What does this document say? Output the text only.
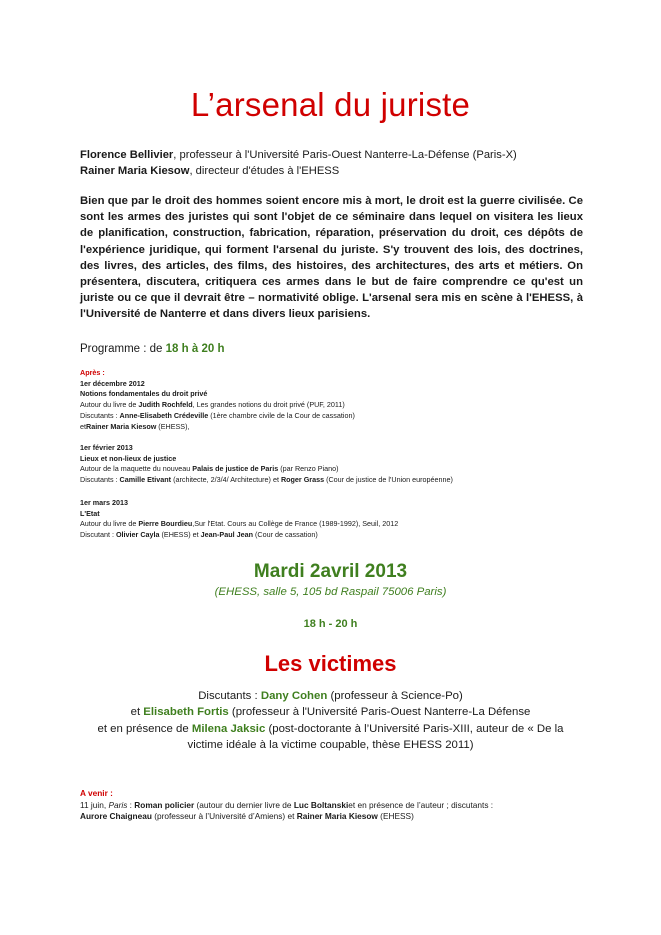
L’arsenal du juriste
Florence Bellivier, professeur à l'Université Paris-Ouest Nanterre-La-Défense (Paris-X)
Rainer Maria Kiesow, directeur d'études à l'EHESS
Bien que par le droit des hommes soient encore mis à mort, le droit est la guerre civilisée. Ce sont les armes des juristes qui sont l'objet de ce séminaire dans lequel on visitera les lieux de planification, construction, fabrication, réparation, préservation du droit, ces dépôts de l'expérience juridique, qui forment l'arsenal du juriste. S'y trouvent des lois, des doctrines, des livres, des articles, des films, des histoires, des architectures, des arts et métiers. On présentera, discutera, critiquera ces armes dans le but de faire comprendre ce qu'est un juriste ou ce que il devrait être – normativité oblige. L'arsenal sera mis en scène à l'EHESS, à l'Université de Nanterre et dans divers lieux parisiens.
Programme : de 18 h à 20 h
Après :
1er décembre 2012
Notions fondamentales du droit privé
Autour du livre de Judith Rochfeld, Les grandes notions du droit privé (PUF, 2011)
Discutants : Anne-Elisabeth Crédeville (1ère chambre civile de la Cour de cassation)
etRainer Maria Kiesow (EHESS),
1er février 2013
Lieux et non-lieux de justice
Autour de la maquette du nouveau Palais de justice de Paris (par Renzo Piano)
Discutants : Camille Etivant (architecte, 2/3/4/ Architecture) et Roger Grass (Cour de justice de l'Union européenne)
1er mars 2013
L'Etat
Autour du livre de Pierre Bourdieu,Sur l'Etat. Cours au Collège de France (1989-1992), Seuil, 2012
Discutant : Olivier Cayla (EHESS) et Jean-Paul Jean (Cour de cassation)
Mardi 2avril 2013
(EHESS, salle 5, 105 bd Raspail 75006 Paris)
18 h - 20 h
Les victimes
Discutants : Dany Cohen (professeur à Science-Po)
et Elisabeth Fortis (professeur à l'Université Paris-Ouest Nanterre-La Défense
et en présence de Milena Jaksic (post-doctorante à l’Université Paris-XIII, auteur de « De la
victime idéale à la victime coupable, thèse EHESS 2011)
A venir :
11 juin, Paris : Roman policier (autour du dernier livre de Luc Boltanskiet en présence de l’auteur ; discutants :
Aurore Chaigneau (professeur à l’Université d’Amiens) et Rainer Maria Kiesow (EHESS)
